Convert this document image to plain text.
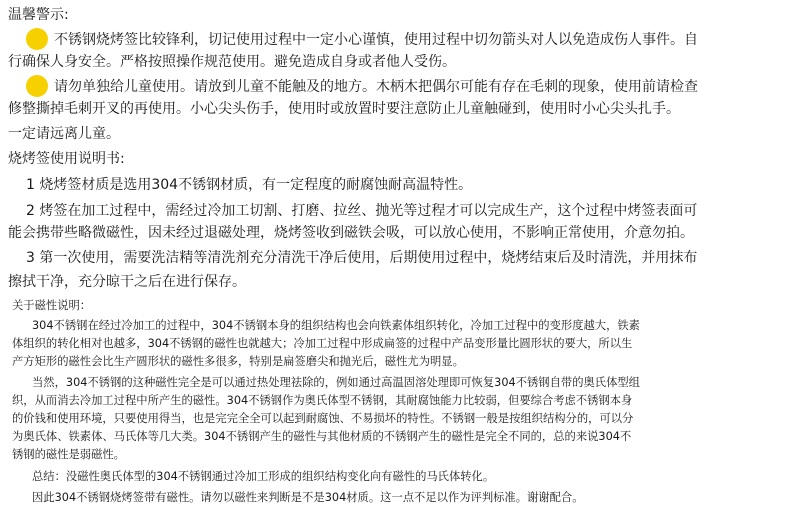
温馨警示:
不锈钢烧烤签比较锋利，切记使用过程中一定小心谨慎，使用过程中切勿箭头对人以免造成伤人事件。自
行确保人身安全。严格按照操作规范使用。避免造成自身或者他人受伤。
请勿单独给儿童使用。请放到儿童不能触及的地方。木柄木把偶尔可能有存在毛刺的现象，使用前请检查
修整撕掉毛刺开叉的再使用。小心尖头伤手，使用时或放置时要注意防止儿童触碰到，使用时小心尖头扎手。
一定请远离儿童。
烧烤签使用说明书:
1 烧烤签材质是选用304不锈钢材质，有一定程度的耐腐蚀耐高温特性。
2 烤签在加工过程中，需经过冷加工切割、打磨、拉丝、抛光等过程才可以完成生产，这个过程中烤签表面可
能会携带些略微磁性，因未经过退磁处理，烧烤签收到磁铁会吸，可以放心使用，不影响正常使用，介意勿拍。
3 第一次使用，需要洗洁精等清洗剂充分清洗干净后使用，后期使用过程中，烧烤结束后及时清洗，并用抹布
擦拭干净，充分晾干之后在进行保存。
关于磁性说明：
304不锈钢在经过冷加工的过程中，304不锈钢本身的组织结构也会向铁素体组织转化，冷加工过程中的变形度越大，铁素
体组织的转化相对也越多，304不锈钢的磁性也就越大；冷加工过程中形成扁签的过程中产品变形量比圆形状的要大，所以生
产方矩形的磁性会比生产圆形状的磁性多很多，特别是扁签磨尖和抛光后，磁性尤为明显。
当然，304不锈钢的这种磁性完全是可以通过热处理祛除的，例如通过高温固溶处理即可恢复304不锈钢自带的奥氏体型组
织，从而消去冷加工过程中所产生的磁性。304不锈钢作为奥氏体型不锈钢，其耐腐蚀能力比较弱，但要综合考虑不锈钢本身
的价钱和使用环境，只要使用得当，也是完完全全可以起到耐腐蚀、不易损坏的特性。不锈钢一般是按组织结构分的，可以分
为奥氏体、铁素体、马氏体等几大类。304不锈钢产生的磁性与其他材质的不锈钢产生的磁性是完全不同的，总的来说304不
锈钢的磁性是弱磁性。
总结：没磁性奥氏体型的304不锈钢通过冷加工形成的组织结构变化向有磁性的马氏体转化。
因此304不锈钢烧烤签带有磁性。请勿以磁性来判断是不是304材质。这一点不足以作为评判标准。谢谢配合。
